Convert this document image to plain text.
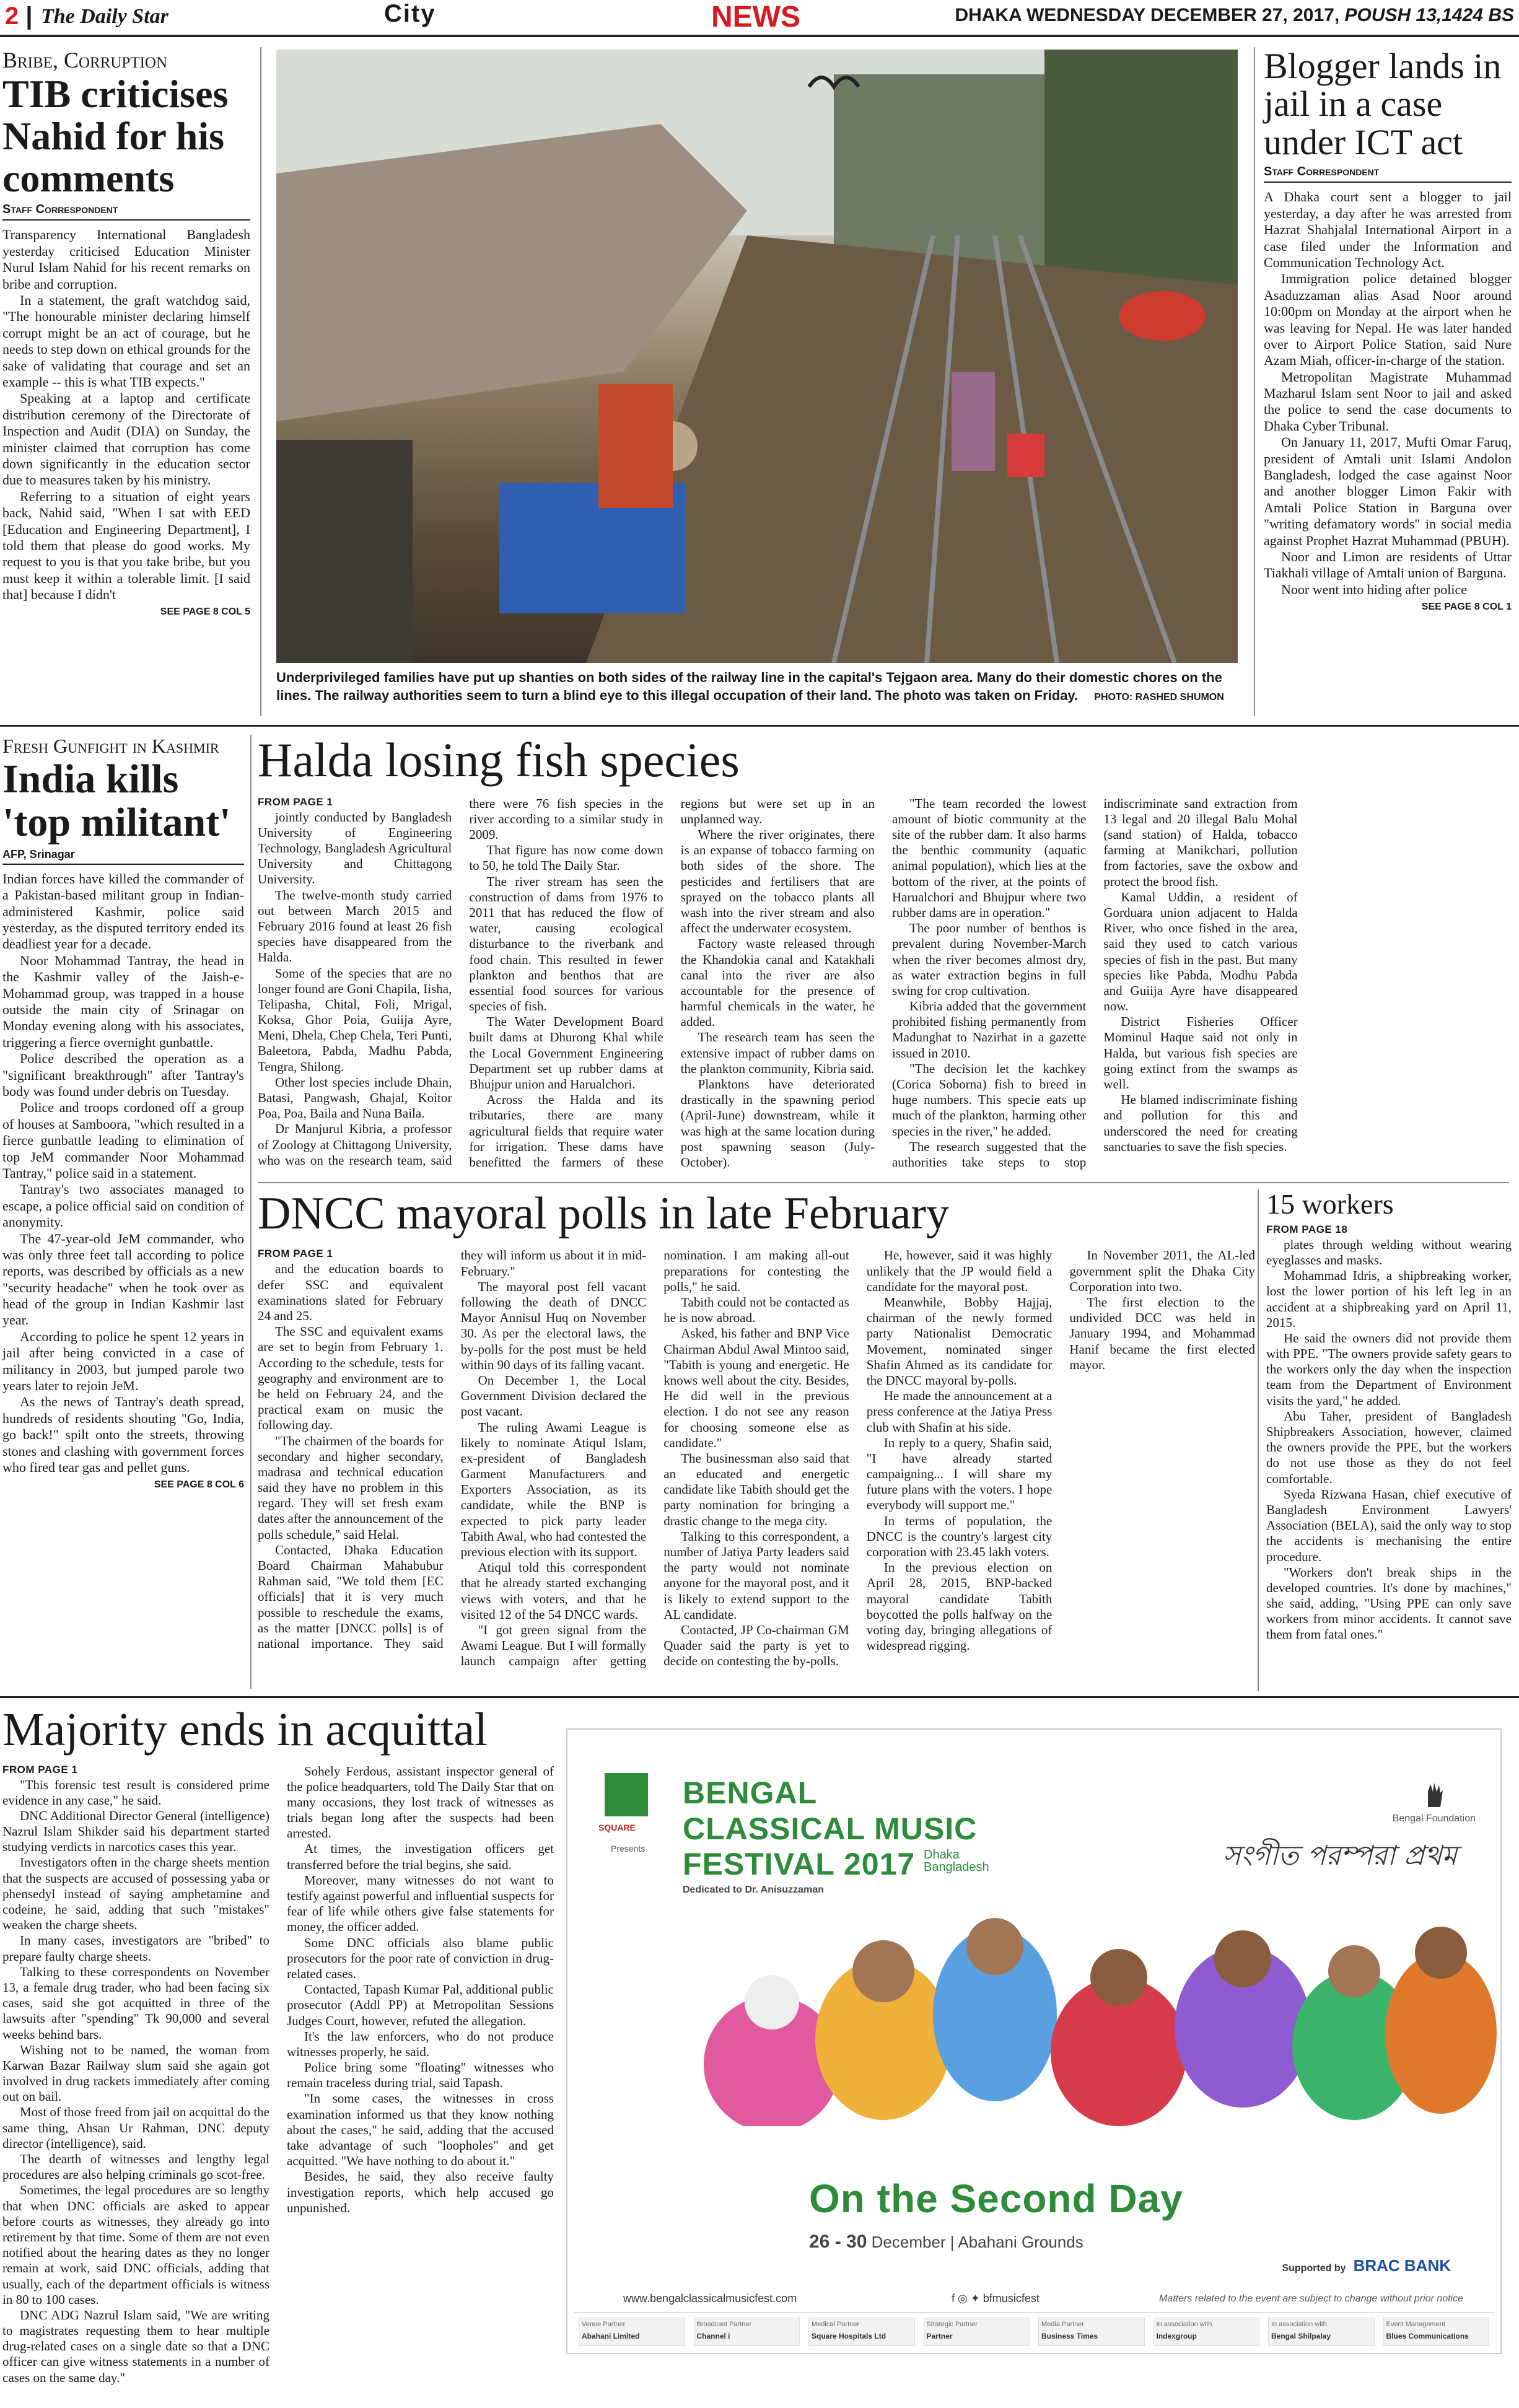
2 | The Daily Star	City	NEWS	DHAKA WEDNESDAY DECEMBER 27, 2017, POUSH 13,1424 BS
Bribe, Corruption
TIB criticises Nahid for his comments
Staff Correspondent

Transparency International Bangladesh yesterday criticised Education Minister Nurul Islam Nahid for his recent remarks on bribe and corruption.

In a statement, the graft watchdog said, "The honourable minister declaring himself corrupt might be an act of courage, but he needs to step down on ethical grounds for the sake of validating that courage and set an example -- this is what TIB expects."

Speaking at a laptop and certificate distribution ceremony of the Directorate of Inspection and Audit (DIA) on Sunday, the minister claimed that corruption has come down significantly in the education sector due to measures taken by his ministry.

Referring to a situation of eight years back, Nahid said, "When I sat with EED [Education and Engineering Department], I told them that please do good works. My request to you is that you take bribe, but you must keep it within a tolerable limit. [I said that] because I didn't

SEE PAGE 8 COL 5
Underprivileged families have put up shanties on both sides of the railway line in the capital's Tejgaon area. Many do their domestic chores on the lines. The railway authorities seem to turn a blind eye to this illegal occupation of their land. The photo was taken on Friday. PHOTO: RASHED SHUMON
Blogger lands in jail in a case under ICT act
Staff Correspondent

A Dhaka court sent a blogger to jail yesterday, a day after he was arrested from Hazrat Shahjalal International Airport in a case filed under the Information and Communication Technology Act.

Immigration police detained blogger Asaduzzaman alias Asad Noor around 10:00pm on Monday at the airport when he was leaving for Nepal. He was later handed over to Airport Police Station, said Nure Azam Miah, officer-in-charge of the station.

Metropolitan Magistrate Muhammad Mazharul Islam sent Noor to jail and asked the police to send the case documents to Dhaka Cyber Tribunal.

On January 11, 2017, Mufti Omar Faruq, president of Amtali unit Islami Andolon Bangladesh, lodged the case against Noor and another blogger Limon Fakir with Amtali Police Station in Barguna over "writing defamatory words" in social media against Prophet Hazrat Muhammad (PBUH).

Noor and Limon are residents of Uttar Tiakhali village of Amtali union of Barguna.

Noor went into hiding after police

SEE PAGE 8 COL 1
Fresh Gunfight in Kashmir
India kills 'top militant'
AFP, Srinagar

Indian forces have killed the commander of a Pakistan-based militant group in Indian-administered Kashmir, police said yesterday, as the disputed territory ended its deadliest year for a decade.

Noor Mohammad Tantray, the head in the Kashmir valley of the Jaish-e-Mohammad group, was trapped in a house outside the main city of Srinagar on Monday evening along with his associates, triggering a fierce overnight gunbattle.

Police described the operation as a "significant breakthrough" after Tantray's body was found under debris on Tuesday.

Police and troops cordoned off a group of houses at Samboora, "which resulted in a fierce gunbattle leading to elimination of top JeM commander Noor Mohammad Tantray," police said in a statement.

Tantray's two associates managed to escape, a police official said on condition of anonymity.

The 47-year-old JeM commander, who was only three feet tall according to police reports, was described by officials as a new "security headache" when he took over as head of the group in Indian Kashmir last year.

According to police he spent 12 years in jail after being convicted in a case of militancy in 2003, but jumped parole two years later to rejoin JeM.

As the news of Tantray's death spread, hundreds of residents shouting "Go, India, go back!" spilt onto the streets, throwing stones and clashing with government forces who fired tear gas and pellet guns.

SEE PAGE 8 COL 6
Halda losing fish species
FROM PAGE 1

jointly conducted by Bangladesh University of Engineering Technology, Bangladesh Agricultural University and Chittagong University.

The twelve-month study carried out between March 2015 and February 2016 found at least 26 fish species have disappeared from the Halda.

Some of the species that are no longer found are Goni Chapila, Iisha, Telipasha, Chital, Foli, Mrigal, Koksa, Ghor Poia, Guiija Ayre, Meni, Dhela, Chep Chela, Teri Punti, Baleetora, Pabda, Madhu Pabda, Tengra, Shilong.

Other lost species include Dhain, Batasi, Pangwash, Ghajal, Koitor Poa, Poa, Baila and Nuna Baila.

Dr Manjurul Kibria, a professor of Zoology at Chittagong University, who was on the research team, said there were 76 fish species in the river according to a similar study in 2009.

That figure has now come down to 50, he told The Daily Star.

The river stream has seen the construction of dams from 1976 to 2011 that has reduced the flow of water, causing ecological disturbance to the riverbank and food chain. This resulted in fewer plankton and benthos that are essential food sources for various species of fish.

The Water Development Board built dams at Dhurong Khal while the Local Government Engineering Department set up rubber dams at Bhujpur union and Harualchori.

Across the Halda and its tributaries, there are many agricultural fields that require water for irrigation. These dams have benefitted the farmers of these regions but were set up in an unplanned way.

Where the river originates, there is an expanse of tobacco farming on both sides of the shore. The pesticides and fertilisers that are sprayed on the tobacco plants all wash into the river stream and also affect the underwater ecosystem.

Factory waste released through the Khandokia canal and Katakhali canal into the river are also accountable for the presence of harmful chemicals in the water, he added.

The research team has seen the extensive impact of rubber dams on the plankton community, Kibria said.

Planktons have deteriorated drastically in the spawning period (April-June) downstream, while it was high at the same location during post spawning season (July-October).

"The team recorded the lowest amount of biotic community at the site of the rubber dam. It also harms the benthic community (aquatic animal population), which lies at the bottom of the river, at the points of Harualchori and Bhujpur where two rubber dams are in operation."

The poor number of benthos is prevalent during November-March when the river becomes almost dry, as water extraction begins in full swing for crop cultivation.

Kibria added that the government prohibited fishing permanently from Madunghat to Nazirhat in a gazette issued in 2010.

"The decision let the kachkey (Corica Soborna) fish to breed in huge numbers. This specie eats up much of the plankton, harming other species in the river," he added.

The research suggested that the authorities take steps to stop indiscriminate sand extraction from 13 legal and 20 illegal Balu Mohal (sand station) of Halda, tobacco farming at Manikchari, pollution from factories, save the oxbow and protect the brood fish.

Kamal Uddin, a resident of Gorduara union adjacent to Halda River, who once fished in the area, said they used to catch various species of fish in the past. But many species like Pabda, Modhu Pabda and Guiija Ayre have disappeared now.

District Fisheries Officer Mominul Haque said not only in Halda, but various fish species are going extinct from the swamps as well.

He blamed indiscriminate fishing and pollution for this and underscored the need for creating sanctuaries to save the fish species.

DNCC mayoral polls in late February
FROM PAGE 1

and the education boards to defer SSC and equivalent examinations slated for February 24 and 25.

The SSC and equivalent exams are set to begin from February 1. According to the schedule, tests for geography and environment are to be held on February 24, and the practical exam on music the following day.

"The chairmen of the boards for secondary and higher secondary, madrasa and technical education said they have no problem in this regard. They will set fresh exam dates after the announcement of the polls schedule," said Helal.

Contacted, Dhaka Education Board Chairman Mahabubur Rahman said, "We told them [EC officials] that it is very much possible to reschedule the exams, as the matter [DNCC polls] is of national importance. They said they will inform us about it in mid-February."

The mayoral post fell vacant following the death of DNCC Mayor Annisul Huq on November 30. As per the electoral laws, the by-polls for the post must be held within 90 days of its falling vacant.

On December 1, the Local Government Division declared the post vacant.

The ruling Awami League is likely to nominate Atiqul Islam, ex-president of Bangladesh Garment Manufacturers and Exporters Association, as its candidate, while the BNP is expected to pick party leader Tabith Awal, who had contested the previous election with its support.

Atiqul told this correspondent that he already started exchanging views with voters, and that he visited 12 of the 54 DNCC wards.

"I got green signal from the Awami League. But I will formally launch campaign after getting nomination. I am making all-out preparations for contesting the polls," he said.

Tabith could not be contacted as he is now abroad.

Asked, his father and BNP Vice Chairman Abdul Awal Mintoo said, "Tabith is young and energetic. He knows well about the city. Besides, He did well in the previous election. I do not see any reason for choosing someone else as candidate."

The businessman also said that an educated and energetic candidate like Tabith should get the party nomination for bringing a drastic change to the mega city.

Talking to this correspondent, a number of Jatiya Party leaders said the party would not nominate anyone for the mayoral post, and it is likely to extend support to the AL candidate.

Contacted, JP Co-chairman GM Quader said the party is yet to decide on contesting the by-polls.

He, however, said it was highly unlikely that the JP would field a candidate for the mayoral post.

Meanwhile, Bobby Hajjaj, chairman of the newly formed party Nationalist Democratic Movement, nominated singer Shafin Ahmed as its candidate for the DNCC mayoral by-polls.

He made the announcement at a press conference at the Jatiya Press club with Shafin at his side.

In reply to a query, Shafin said, "I have already started campaigning... I will share my future plans with the voters. I hope everybody will support me."

In terms of population, the DNCC is the country's largest city corporation with 23.45 lakh voters.

In the previous election on April 28, 2015, BNP-backed mayoral candidate Tabith boycotted the polls halfway on the voting day, bringing allegations of widespread rigging.

In November 2011, the AL-led government split the Dhaka City Corporation into two.

The first election to the undivided DCC was held in January 1994, and Mohammad Hanif became the first elected mayor.

15 workers
FROM PAGE 18

plates through welding without wearing eyeglasses and masks.

Mohammad Idris, a shipbreaking worker, lost the lower portion of his left leg in an accident at a shipbreaking yard on April 11, 2015.

He said the owners did not provide them with PPE. "The owners provide safety gears to the workers only the day when the inspection team from the Department of Environment visits the yard," he added.

Abu Taher, president of Bangladesh Shipbreakers Association, however, claimed the owners provide the PPE, but the workers do not use those as they do not feel comfortable.

Syeda Rizwana Hasan, chief executive of Bangladesh Environment Lawyers' Association (BELA), said the only way to stop the accidents is mechanising the entire procedure.

"Workers don't break ships in the developed countries. It's done by machines," she said, adding, "Using PPE can only save workers from minor accidents. It cannot save them from fatal ones."

Majority ends in acquittal
FROM PAGE 1

"This forensic test result is considered prime evidence in any case," he said.

DNC Additional Director General (intelligence) Nazrul Islam Shikder said his department started studying verdicts in narcotics cases this year.

Investigators often in the charge sheets mention that the suspects are accused of possessing yaba or phensedyl instead of saying amphetamine and codeine, he said, adding that such "mistakes" weaken the charge sheets.

In many cases, investigators are "bribed" to prepare faulty charge sheets.

Talking to these correspondents on November 13, a female drug trader, who had been facing six cases, said she got acquitted in three of the lawsuits after "spending" Tk 90,000 and several weeks behind bars.

Wishing not to be named, the woman from Karwan Bazar Railway slum said she again got involved in drug rackets immediately after coming out on bail.

Most of those freed from jail on acquittal do the same thing, Ahsan Ur Rahman, DNC deputy director (intelligence), said.

The dearth of witnesses and lengthy legal procedures are also helping criminals go scot-free.

Sometimes, the legal procedures are so lengthy that when DNC officials are asked to appear before courts as witnesses, they already go into retirement by that time. Some of them are not even notified about the hearing dates as they no longer remain at work, said DNC officials, adding that usually, each of the department officials is witness in 80 to 100 cases.

DNC ADG Nazrul Islam said, "We are writing to magistrates requesting them to hear multiple drug-related cases on a single date so that a DNC officer can give witness statements in a number of cases on the same day."

Sohely Ferdous, assistant inspector general of the police headquarters, told The Daily Star that on many occasions, they lost track of witnesses as trials began long after the suspects had been arrested.

At times, the investigation officers get transferred before the trial begins, she said.

Moreover, many witnesses do not want to testify against powerful and influential suspects for fear of life while others give false statements for money, the officer added.

Some DNC officials also blame public prosecutors for the poor rate of conviction in drug-related cases.

Contacted, Tapash Kumar Pal, additional public prosecutor (Addl PP) at Metropolitan Sessions Judges Court, however, refuted the allegation.

It's the law enforcers, who do not produce witnesses properly, he said.

Police bring some "floating" witnesses who remain traceless during trial, said Tapash.

"In some cases, the witnesses in cross examination informed us that they know nothing about the cases," he said, adding that the accused take advantage of such "loopholes" and get acquitted. "We have nothing to do about it."

Besides, he said, they also receive faulty investigation reports, which help accused go unpunished.

SQUARE
Presents
BENGAL
CLASSICAL MUSIC
FESTIVAL 2017 Dhaka
Bangladesh
Dedicated to Dr. Anisuzzaman
Bengal Foundation
সংগীত পরম্পরা প্রথম
On the Second Day
26 - 30 December | Abahani Grounds
Supported by BRAC BANK
www.bengalclassicalmusicfest.com	f ◎ ✦ bfmusicfest	Matters related to the event are subject to change without prior notice
Venue Partner
Abahani Limited
Broadcast Partner
Channel i
Medical Partner
Square Hospitals Ltd
Strategic Partner
Partner
Media Partner
Business Times
In association with
Indexgroup
In association with
Bengal Shilpalay
Event Management
Blues Communications
